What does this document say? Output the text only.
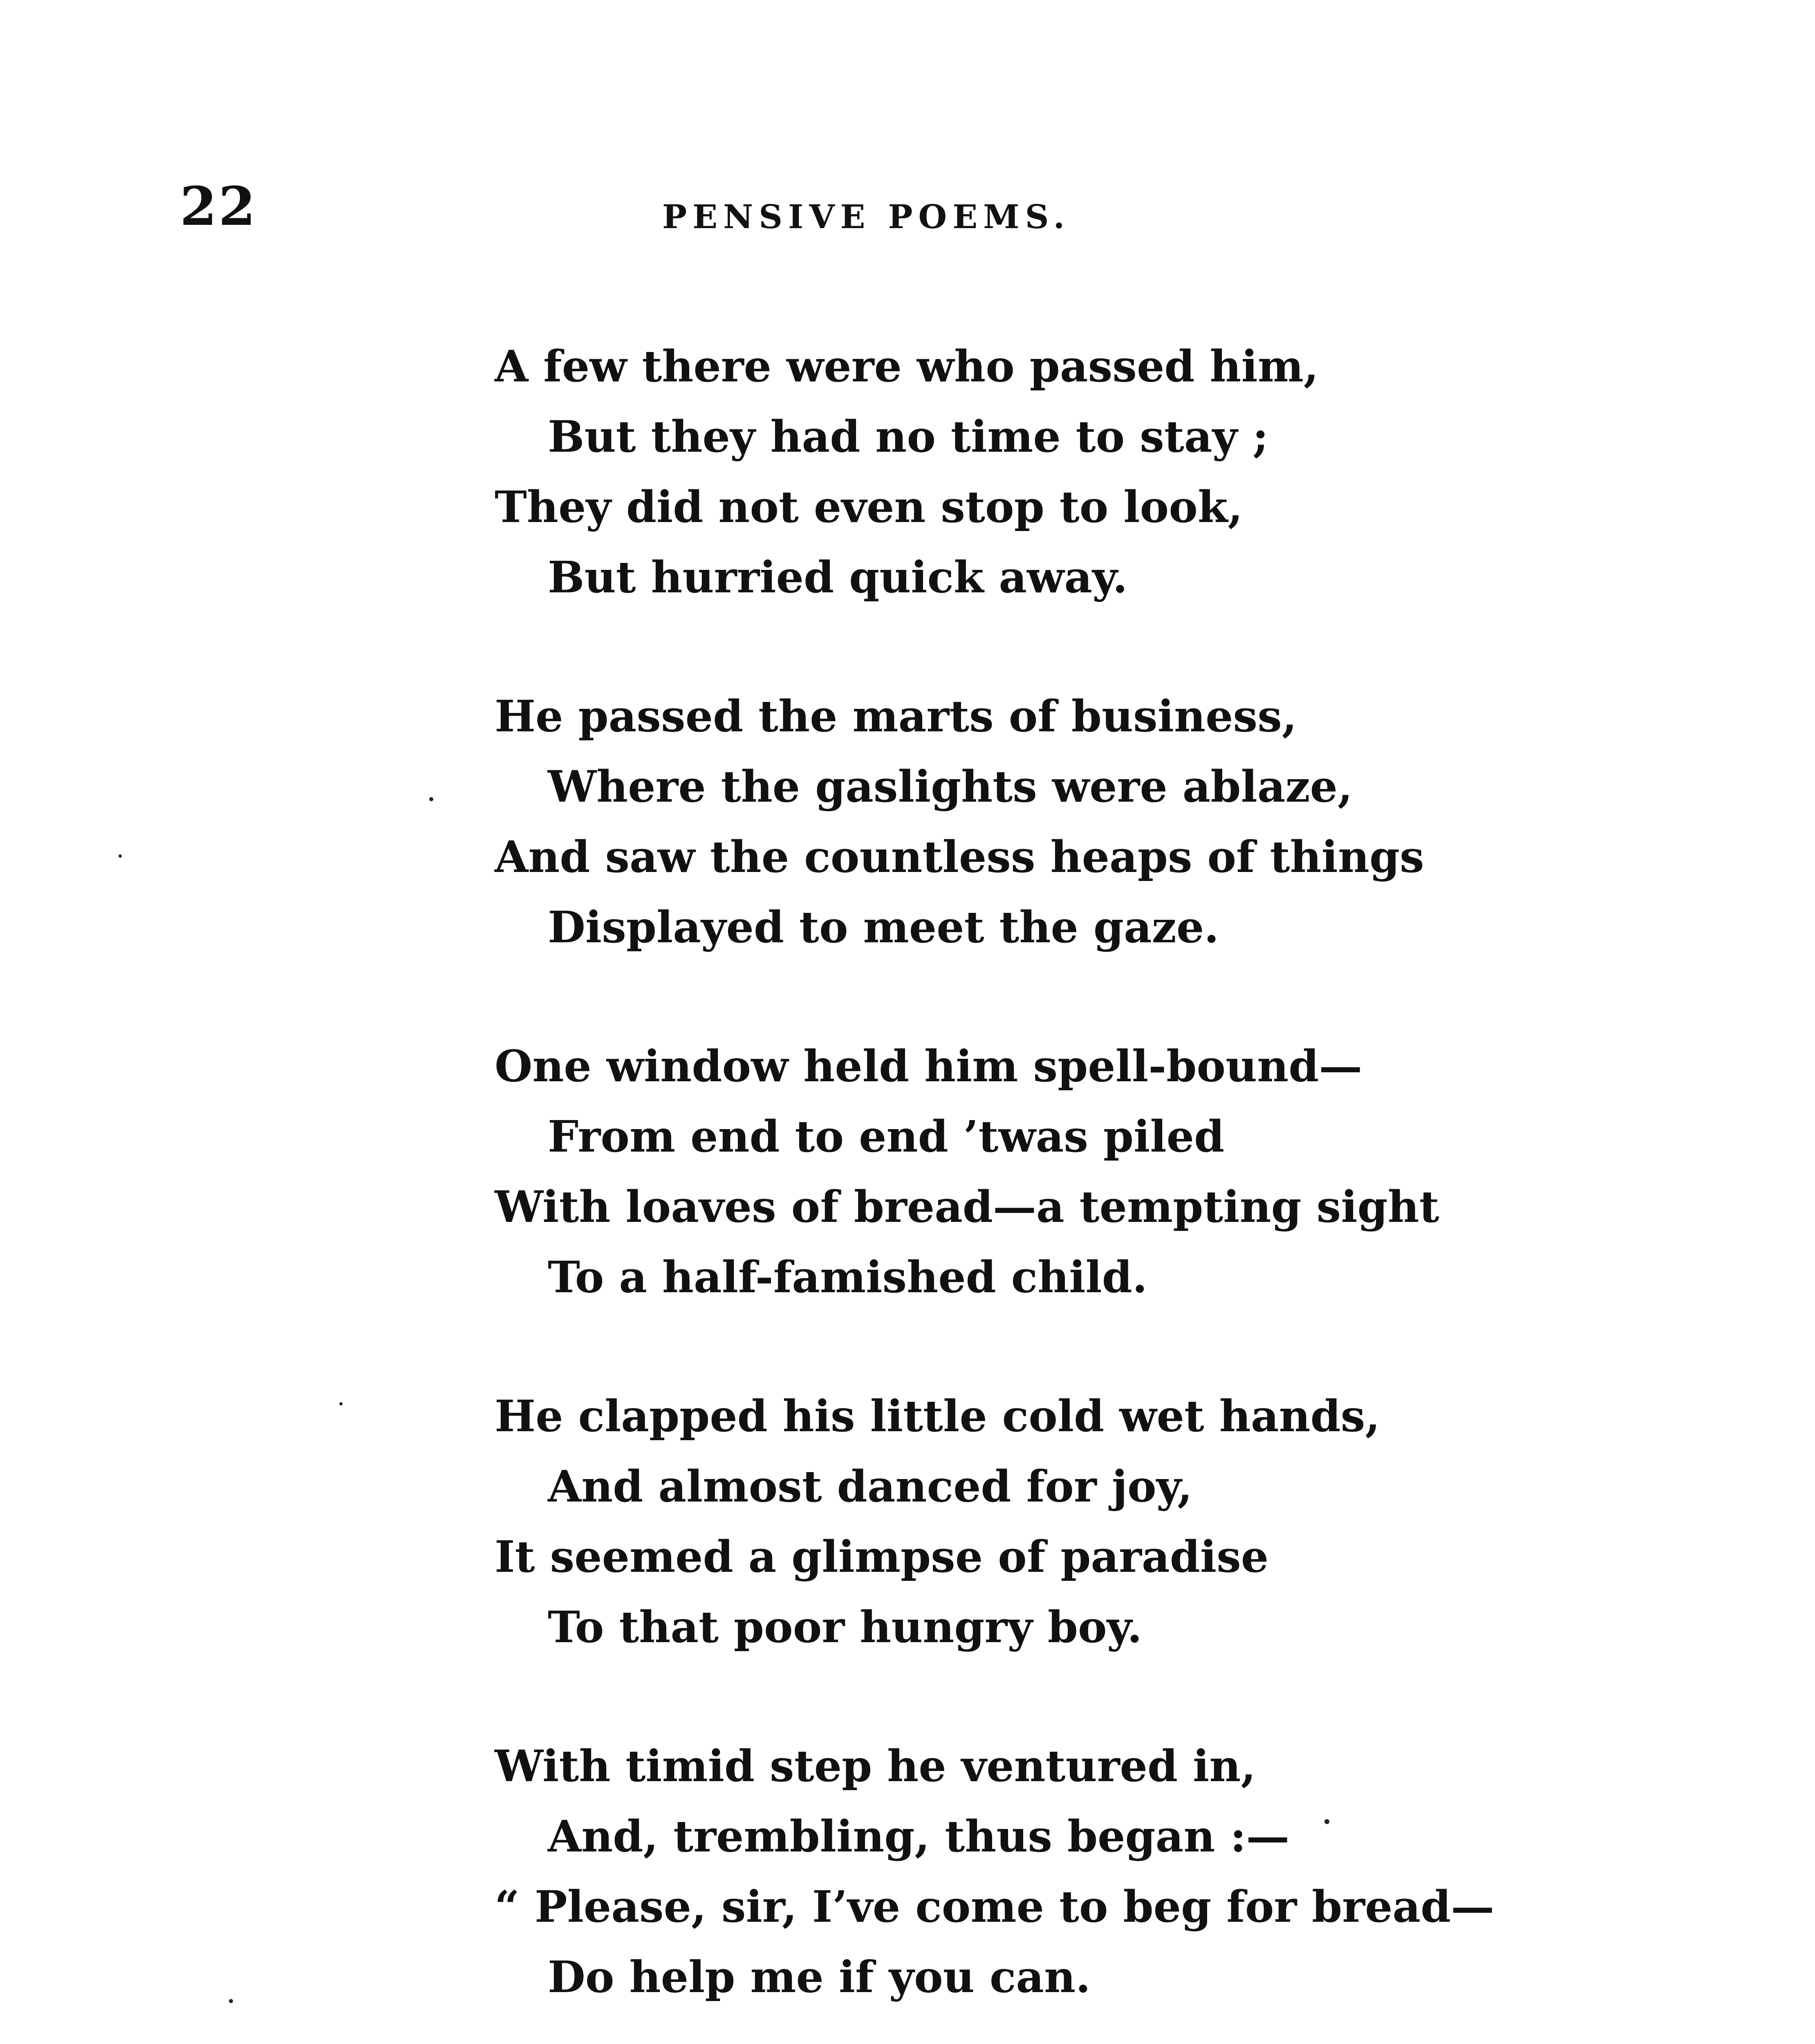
22	PENSIVE POEMS.
A few there were who passed him,
But they had no time to stay ;
They did not even stop to look,
But hurried quick away.
He passed the marts of business,
Where the gaslights were ablaze,
And saw the countless heaps of things
Displayed to meet the gaze.
One window held him spell-bound—
From end to end ’twas piled
With loaves of bread—a tempting sight
To a half-famished child.
He clapped his little cold wet hands,
And almost danced for joy,
It seemed a glimpse of paradise
To that poor hungry boy.
With timid step he ventured in,
And, trembling, thus began :—
“ Please, sir, I’ve come to beg for bread—
Do help me if you can.
